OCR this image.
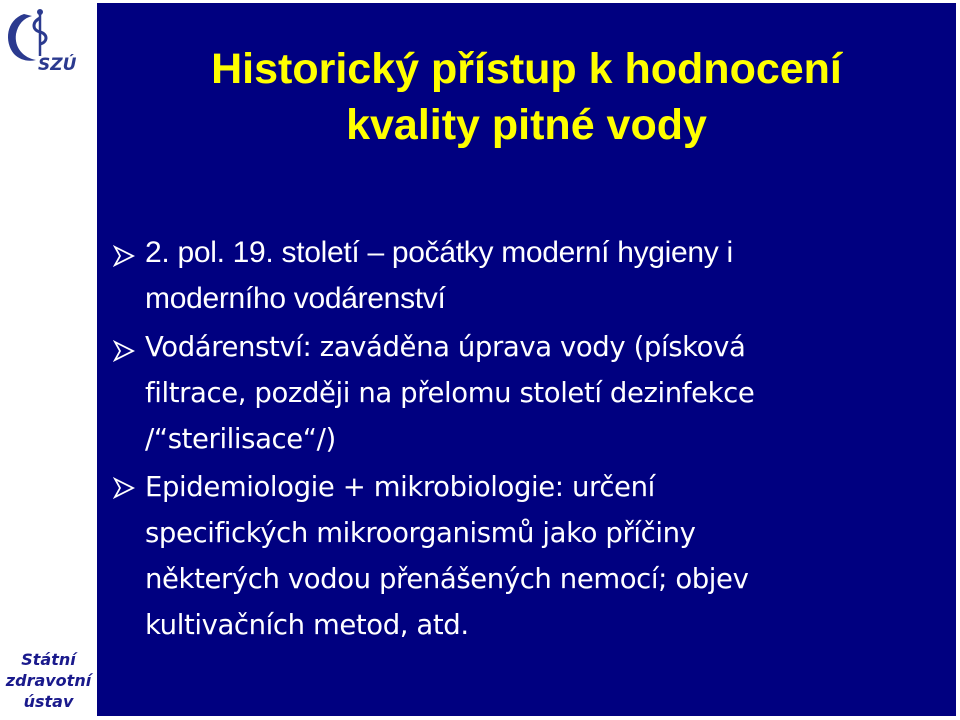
SZÚ
Státní
zdravotní
ústav
Historický přístup k hodnocení
kvality pitné vody
2. pol. 19. století – počátky moderní hygieny i
moderního vodárenství
Vodárenství: zaváděna úprava vody (písková
filtrace, později na přelomu století dezinfekce
/“sterilisace“/)
Epidemiologie + mikrobiologie: určení
specifických mikroorganismů jako příčiny
některých vodou přenášených nemocí; objev
kultivačních metod, atd.
